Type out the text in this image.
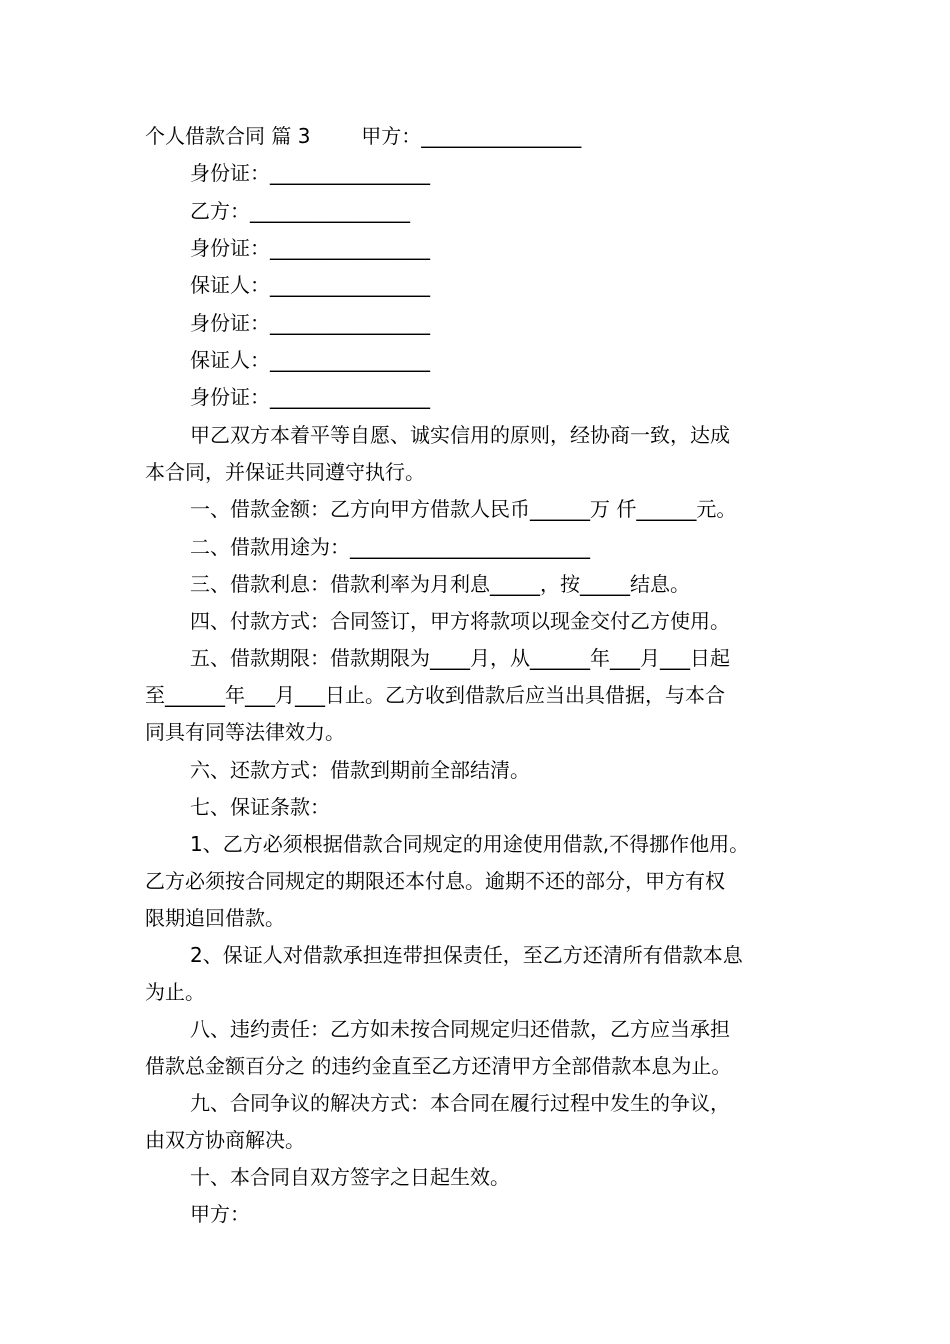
个人借款合同 篇 3        甲方：________________
身份证：________________
乙方：________________
身份证：________________
保证人：________________
身份证：________________
保证人：________________
身份证：________________
甲乙双方本着平等自愿、诚实信用的原则，经协商一致，达成
本合同，并保证共同遵守执行。
一、借款金额：乙方向甲方借款人民币______万 仟______元。
二、借款用途为：________________________
三、借款利息：借款利率为月利息_____，按_____结息。
四、付款方式：合同签订，甲方将款项以现金交付乙方使用。
五、借款期限：借款期限为____月，从______年___月___日起
至______年___月___日止。乙方收到借款后应当出具借据，与本合
同具有同等法律效力。
六、还款方式：借款到期前全部结清。
七、保证条款：
1、乙方必须根据借款合同规定的用途使用借款,不得挪作他用。
乙方必须按合同规定的期限还本付息。逾期不还的部分，甲方有权
限期追回借款。
2、保证人对借款承担连带担保责任，至乙方还清所有借款本息
为止。
八、违约责任：乙方如未按合同规定归还借款，乙方应当承担
借款总金额百分之 的违约金直至乙方还清甲方全部借款本息为止。
九、合同争议的解决方式：本合同在履行过程中发生的争议，
由双方协商解决。
十、本合同自双方签字之日起生效。
甲方：
